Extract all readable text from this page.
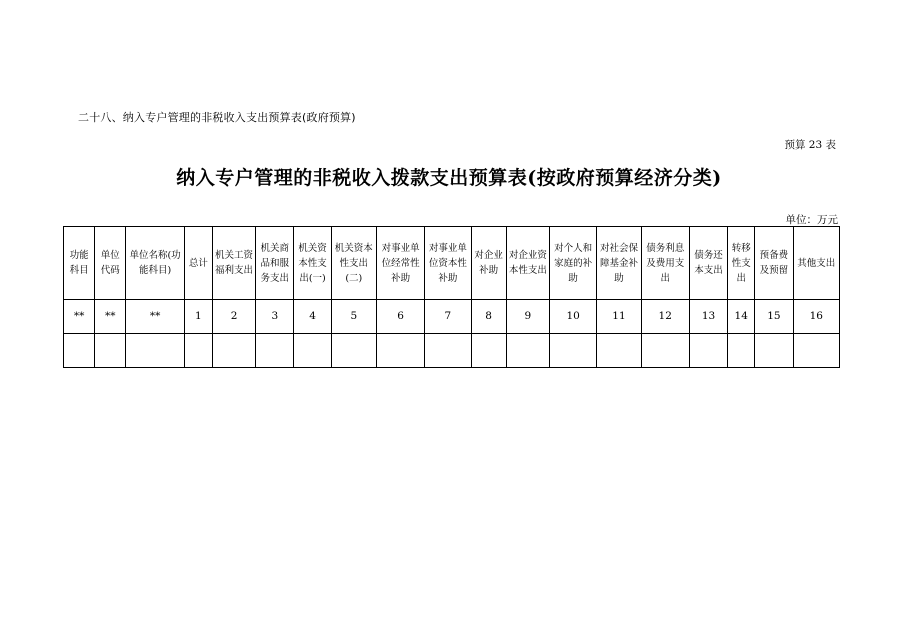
二十八、纳入专户管理的非税收入支出预算表(政府预算)
预算 23 表
纳入专户管理的非税收入拨款支出预算表(按政府预算经济分类)
单位：万元
功能科目	单位代码	单位名称(功能科目)	总计	机关工资福利支出	机关商品和服务支出	机关资本性支出(一)	机关资本性支出(二)	对事业单位经常性补助	对事业单位资本性补助	对企业补助	对企业资本性支出	对个人和家庭的补助	对社会保障基金补助	债务利息及费用支出	债务还本支出	转移性支出	预备费及预留	其他支出
**	**	**	1	2	3	4	5	6	7	8	9	10	11	12	13	14	15	16
